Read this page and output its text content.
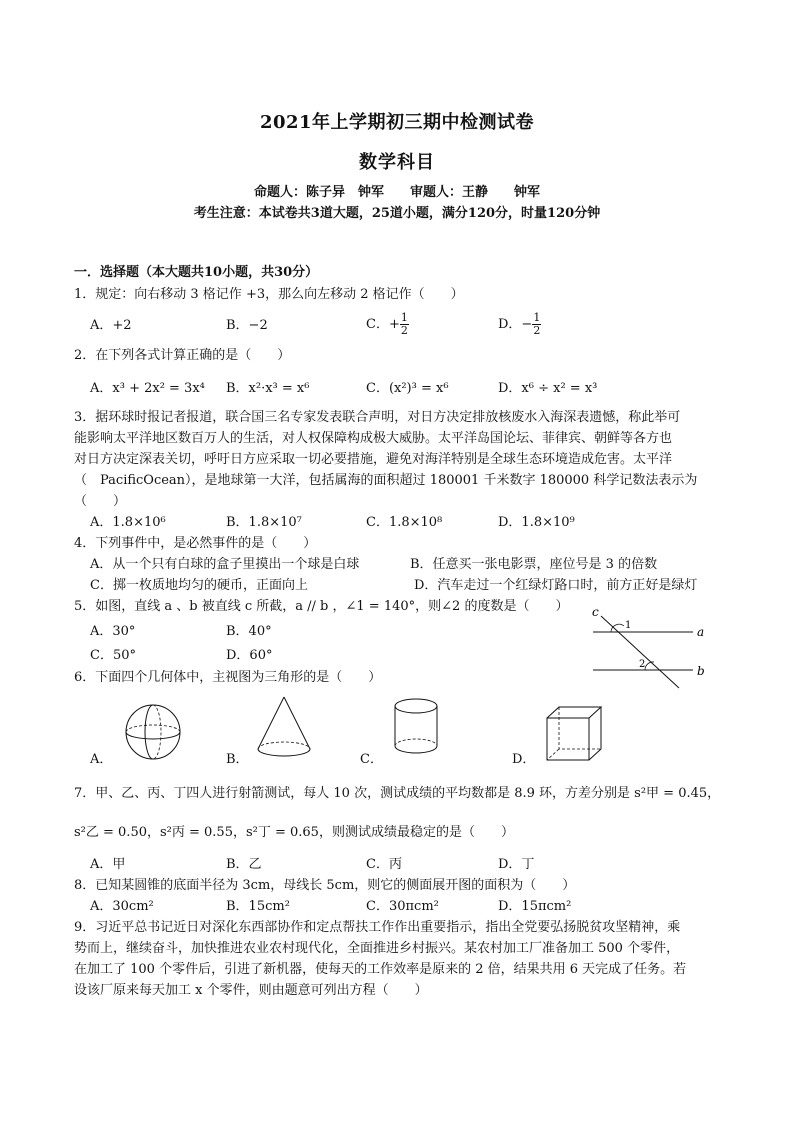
2021年上学期初三期中检测试卷
数学科目
命题人：陈子异　钟军　　审题人：王静　　钟军
考生注意：本试卷共3道大题，25道小题，满分120分，时量120分钟
一．选择题（本大题共10小题，共30分）
1．规定：向右移动 3 格记作 +3，那么向左移动 2 格记作（　　）
A．+2	B．−2	C．+ $\frac{1}{2}$	D．− $\frac{1}{2}$
2．在下列各式计算正确的是（　　）
A．x³ + 2x² = 3x⁴ B．x²·x³ = x⁶	C．(x²)³ = x⁶	D．x⁶ ÷ x² = x³
3．据环球时报记者报道，联合国三名专家发表联合声明，对日方决定排放核废水入海深表遗憾，称此举可
能影响太平洋地区数百万人的生活，对人权保障构成极大威胁。太平洋岛国论坛、菲律宾、朝鲜等各方也
对日方决定深表关切，呼吁日方应采取一切必要措施，避免对海洋特别是全球生态环境造成危害。太平洋
（　PacificOcean），是地球第一大洋，包括属海的面积超过 180001 千米数字 180000 科学记数法表示为
（　　）
A．1.8×10⁶	B．1.8×10⁷	C．1.8×10⁸	D．1.8×10⁹
4．下列事件中，是必然事件的是（　　）
A．从一个只有白球的盒子里摸出一个球是白球	B．任意买一张电影票，座位号是 3 的倍数
C．掷一枚质地均匀的硬币，正面向上	D．汽车走过一个红绿灯路口时，前方正好是绿灯
5．如图，直线 a 、b 被直线 c 所截，a // b ，∠1 = 140°，则∠2 的度数是（　　）
A．30°	B．40°
C．50°	D．60°
c
1
2
a
b
6．下面四个几何体中，主视图为三角形的是（　　）
A．	B．	C．	D．
7．甲、乙、丙、丁四人进行射箭测试，每人 10 次，测试成绩的平均数都是 8.9 环，方差分别是 s²甲 = 0.45，
s²乙 = 0.50，s²丙 = 0.55，s²丁 = 0.65，则测试成绩最稳定的是（　　）
A．甲	B．乙	C．丙	D．丁
8．已知某圆锥的底面半径为 3cm，母线长 5cm，则它的侧面展开图的面积为（　　）
A．30cm²	B．15cm²	C．30πcm²	D．15πcm²
9．习近平总书记近日对深化东西部协作和定点帮扶工作作出重要指示，指出全党要弘扬脱贫攻坚精神，乘
势而上，继续奋斗，加快推进农业农村现代化，全面推进乡村振兴。某农村加工厂准备加工 500 个零件，
在加工了 100 个零件后，引进了新机器，使每天的工作效率是原来的 2 倍，结果共用 6 天完成了任务。若
设该厂原来每天加工 x 个零件，则由题意可列出方程（　　）
